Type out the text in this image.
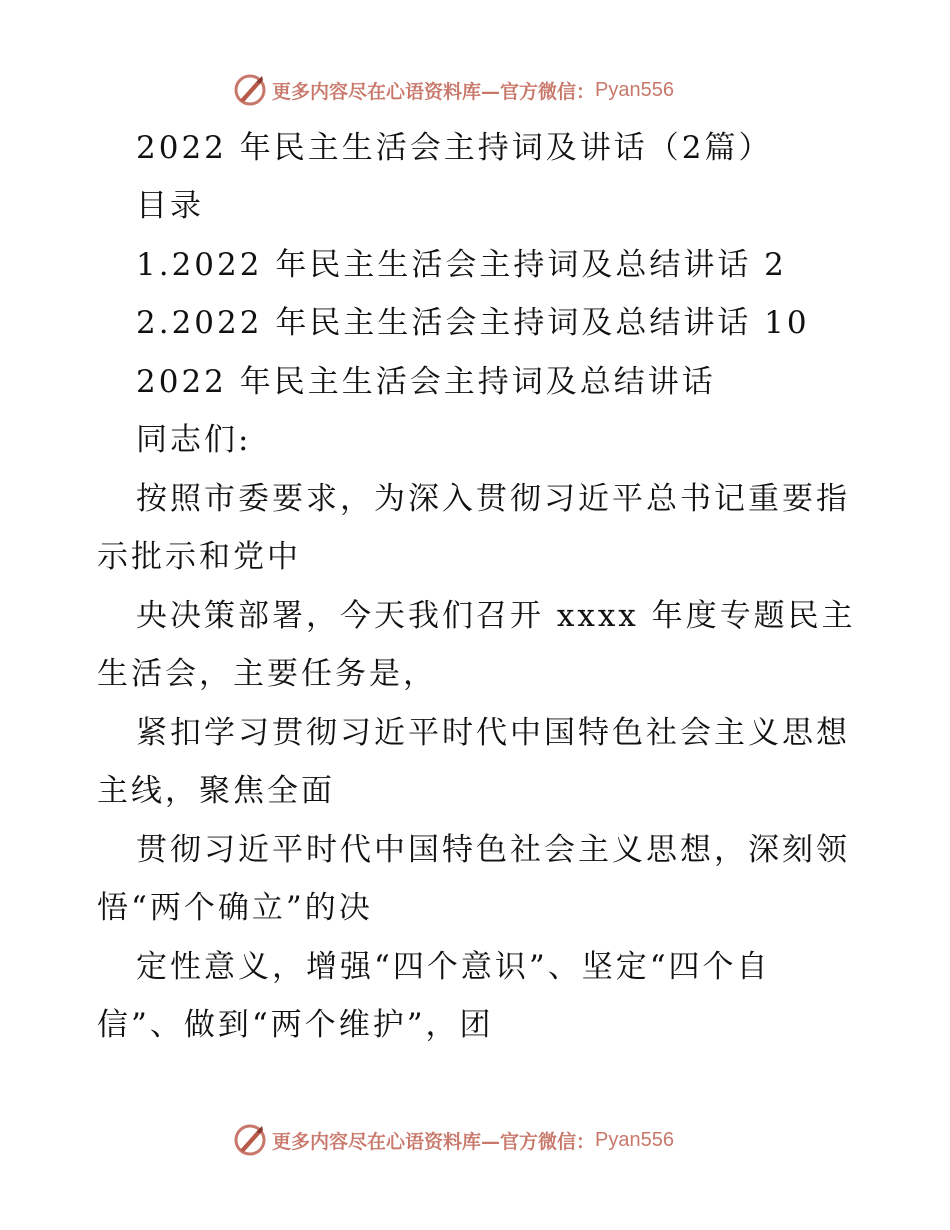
更多内容尽在心语资料库—官方微信： Pyan556
2022 年民主生活会主持词及讲话（2篇）
目录
1.2022 年民主生活会主持词及总结讲话 2
2.2022 年民主生活会主持词及总结讲话 10
2022 年民主生活会主持词及总结讲话
同志们:
按照市委要求，为深入贯彻习近平总书记重要指
示批示和党中
央决策部署，今天我们召开 xxxx 年度专题民主
生活会，主要任务是，
紧扣学习贯彻习近平时代中国特色社会主义思想
主线，聚焦全面
贯彻习近平时代中国特色社会主义思想，深刻领
悟“两个确立”的决
定性意义，增强“四个意识”、坚定“四个自
信”、做到“两个维护”，团
更多内容尽在心语资料库—官方微信： Pyan556
